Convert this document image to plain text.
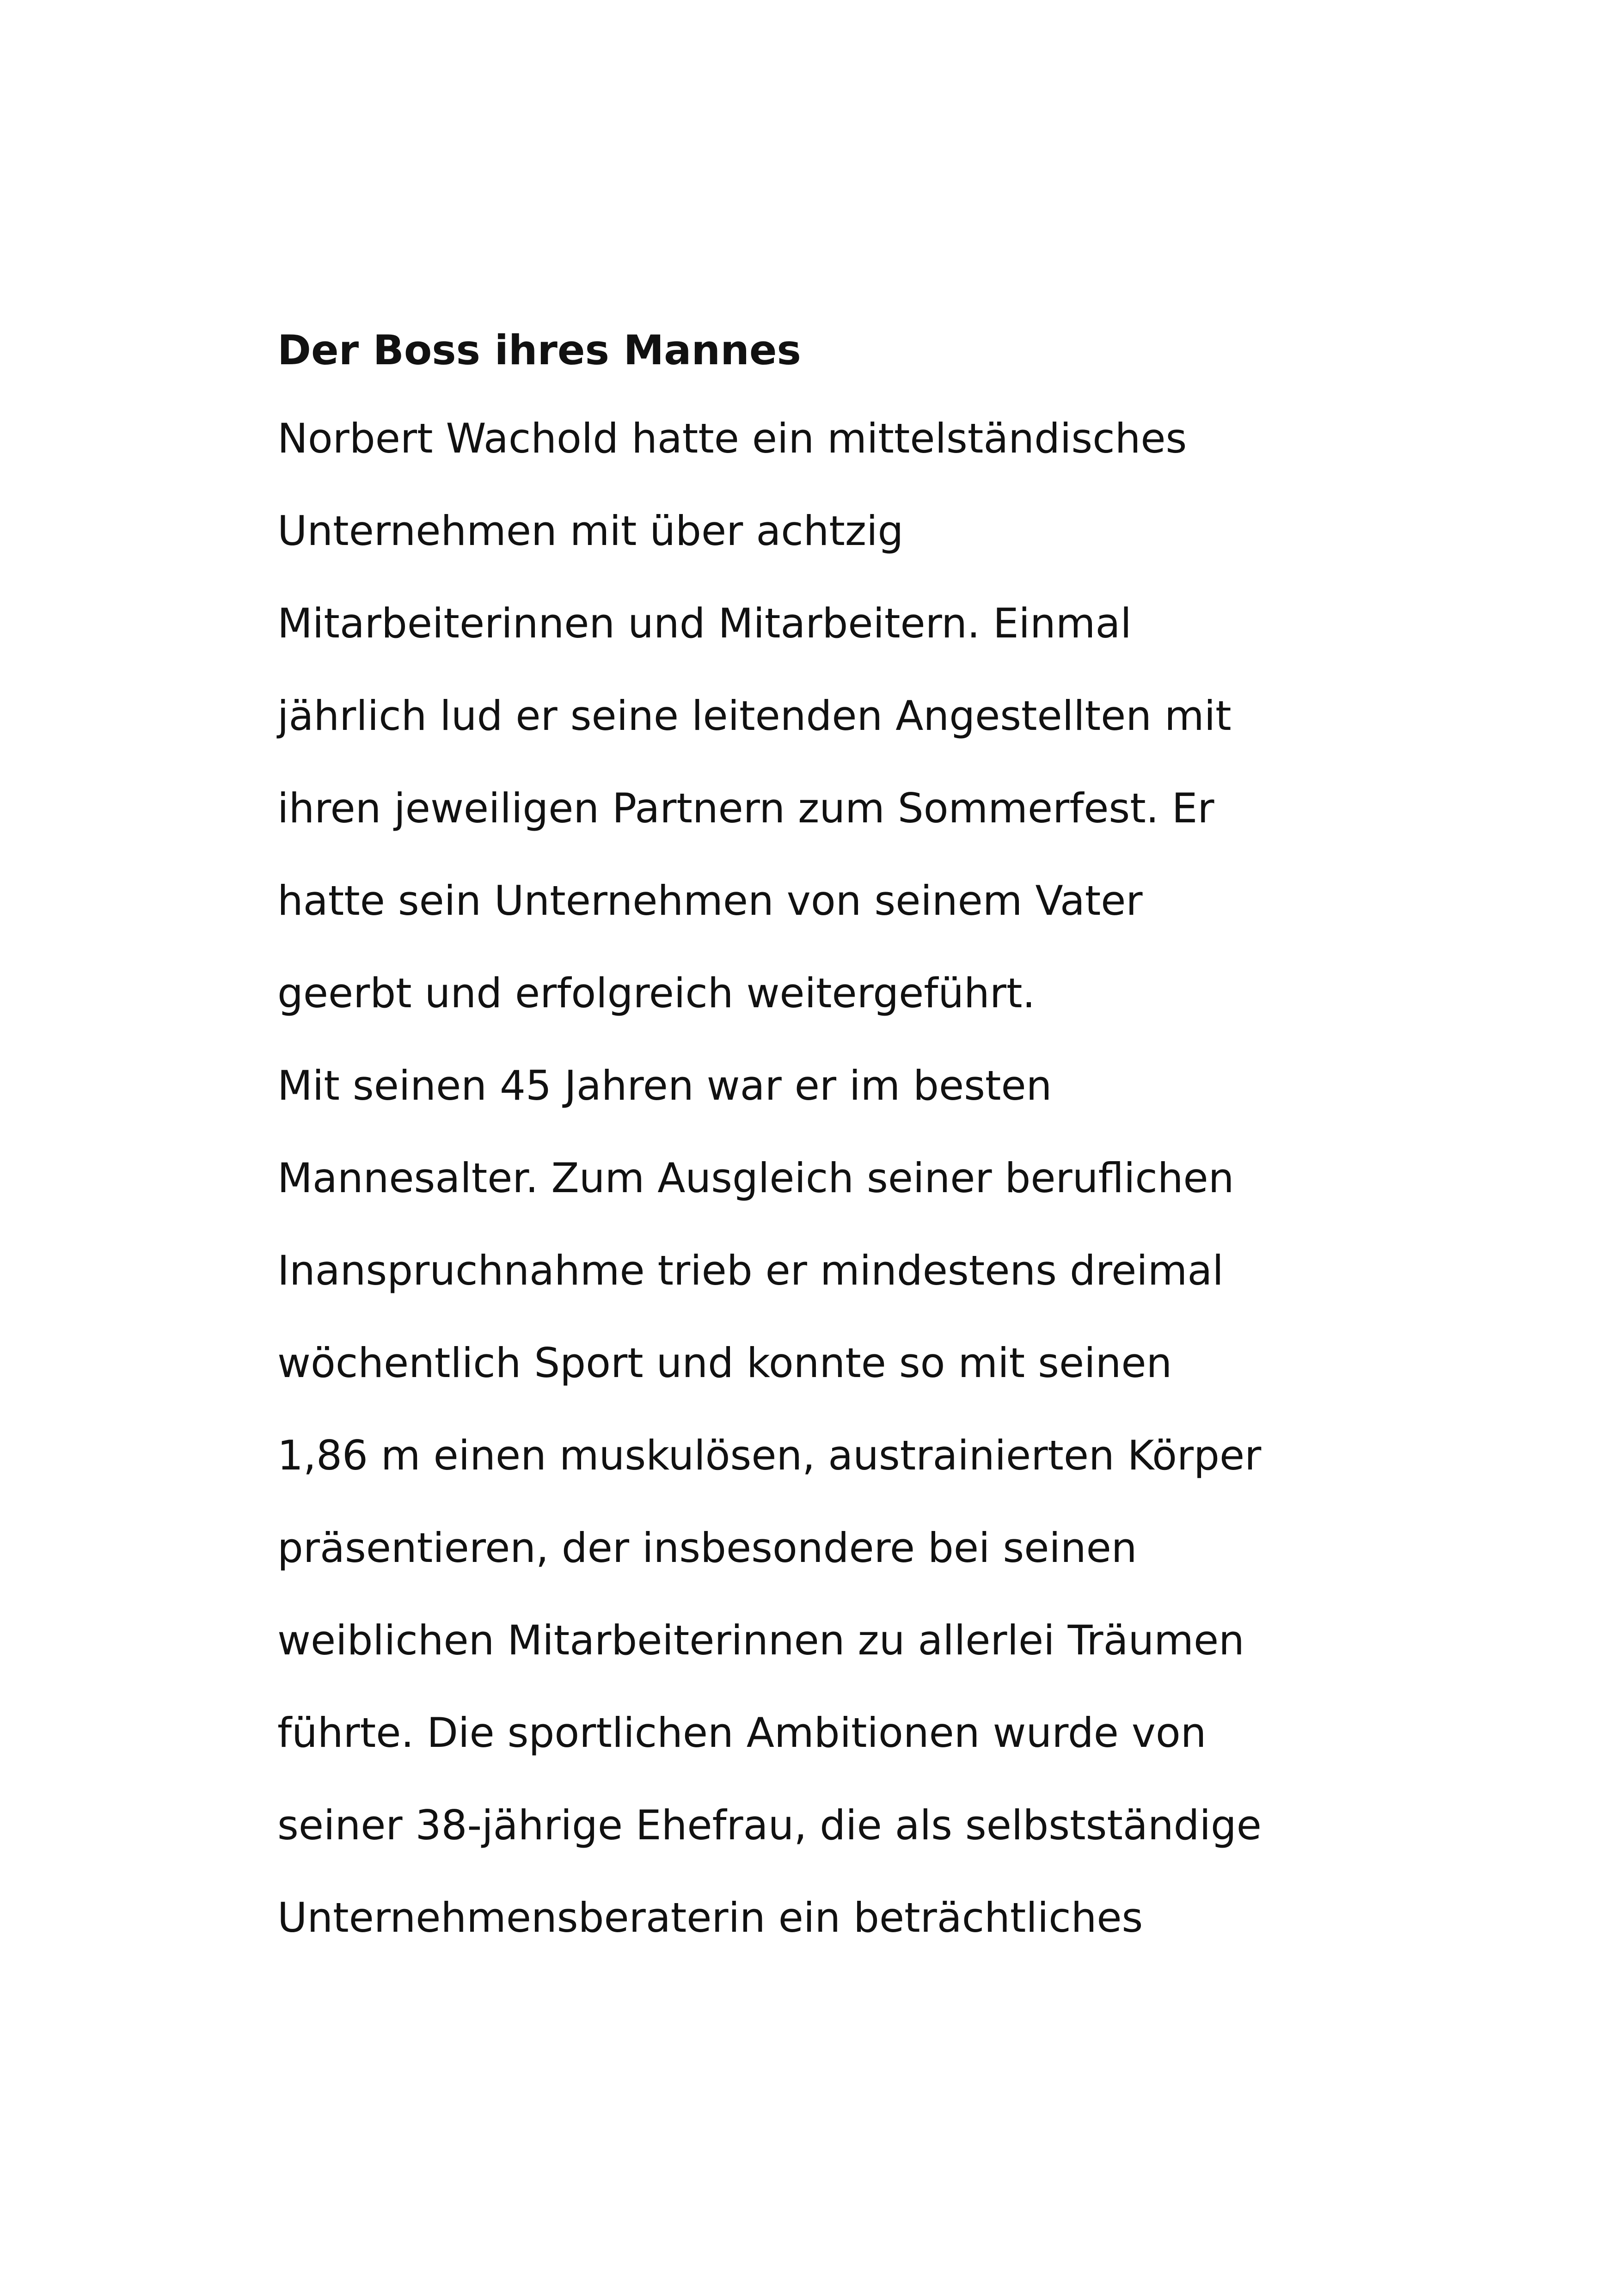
Der Boss ihres Mannes
Norbert Wachold hatte ein mittelständisches
Unternehmen mit über achtzig
Mitarbeiterinnen und Mitarbeitern. Einmal
jährlich lud er seine leitenden Angestellten mit
ihren jeweiligen Partnern zum Sommerfest. Er
hatte sein Unternehmen von seinem Vater
geerbt und erfolgreich weitergeführt.
Mit seinen 45 Jahren war er im besten
Mannesalter. Zum Ausgleich seiner beruflichen
Inanspruchnahme trieb er mindestens dreimal
wöchentlich Sport und konnte so mit seinen
1,86 m einen muskulösen, austrainierten Körper
präsentieren, der insbesondere bei seinen
weiblichen Mitarbeiterinnen zu allerlei Träumen
führte. Die sportlichen Ambitionen wurde von
seiner 38-jährige Ehefrau, die als selbstständige
Unternehmensberaterin ein beträchtliches
